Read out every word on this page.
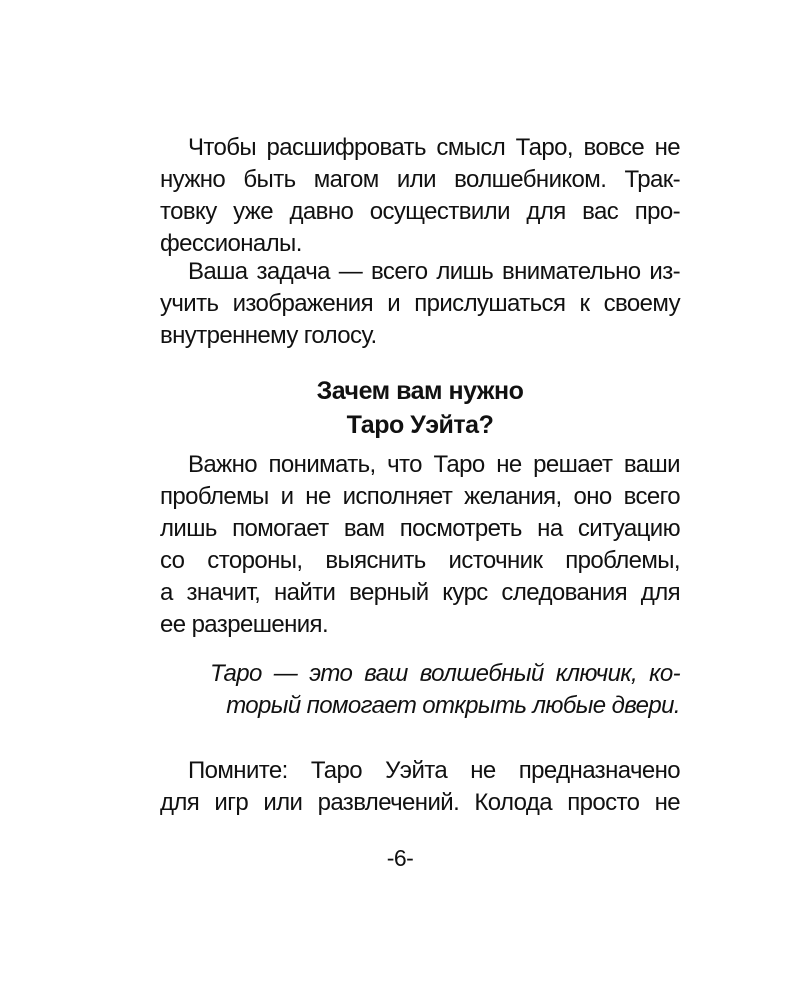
Чтобы расшифровать смысл Таро, вовсе не
нужно быть магом или волшебником. Трак-
товку уже давно осуществили для вас про-
фессионалы.
Ваша задача — всего лишь внимательно из-
учить изображения и прислушаться к своему
внутреннему голосу.
Зачем вам нужно
Таро Уэйта?
Важно понимать, что Таро не решает ваши
проблемы и не исполняет желания, оно всего
лишь помогает вам посмотреть на ситуацию
со стороны, выяснить источник проблемы,
а значит, найти верный курс следования для
ее разрешения.
Таро — это ваш волшебный ключик, ко-
торый помогает открыть любые двери.
Помните: Таро Уэйта не предназначено
для игр или развлечений. Колода просто не
-6-
